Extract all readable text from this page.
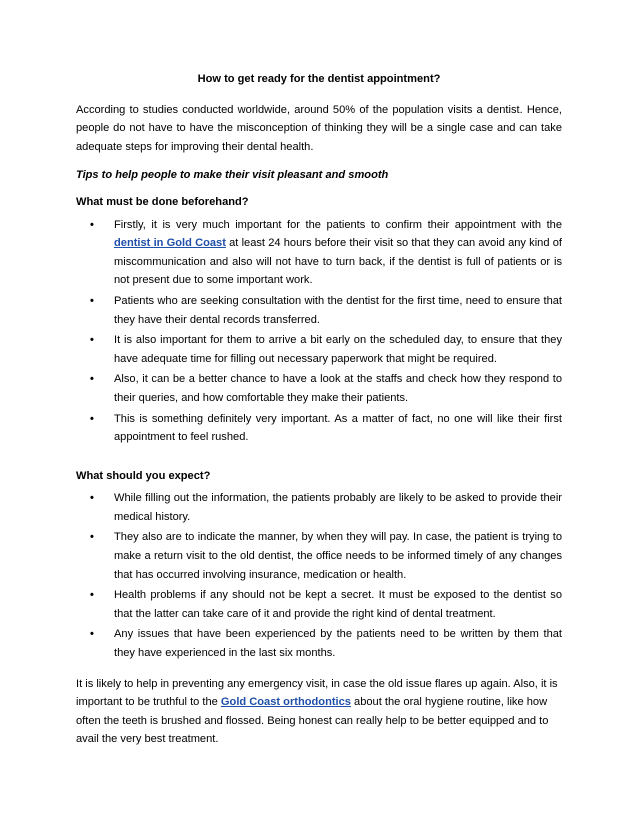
How to get ready for the dentist appointment?

According to studies conducted worldwide, around 50% of the population visits a dentist. Hence, people do not have to have the misconception of thinking they will be a single case and can take adequate steps for improving their dental health.

Tips to help people to make their visit pleasant and smooth

What must be done beforehand?

• Firstly, it is very much important for the patients to confirm their appointment with the dentist in Gold Coast at least 24 hours before their visit so that they can avoid any kind of miscommunication and also will not have to turn back, if the dentist is full of patients or is not present due to some important work.
• Patients who are seeking consultation with the dentist for the first time, need to ensure that they have their dental records transferred.
• It is also important for them to arrive a bit early on the scheduled day, to ensure that they have adequate time for filling out necessary paperwork that might be required.
• Also, it can be a better chance to have a look at the staffs and check how they respond to their queries, and how comfortable they make their patients.
• This is something definitely very important. As a matter of fact, no one will like their first appointment to feel rushed.

What should you expect?

• While filling out the information, the patients probably are likely to be asked to provide their medical history.
• They also are to indicate the manner, by when they will pay. In case, the patient is trying to make a return visit to the old dentist, the office needs to be informed timely of any changes that has occurred involving insurance, medication or health.
• Health problems if any should not be kept a secret. It must be exposed to the dentist so that the latter can take care of it and provide the right kind of dental treatment.
• Any issues that have been experienced by the patients need to be written by them that they have experienced in the last six months.

It is likely to help in preventing any emergency visit, in case the old issue flares up again. Also, it is important to be truthful to the Gold Coast orthodontics about the oral hygiene routine, like how often the teeth is brushed and flossed. Being honest can really help to be better equipped and to avail the very best treatment.
